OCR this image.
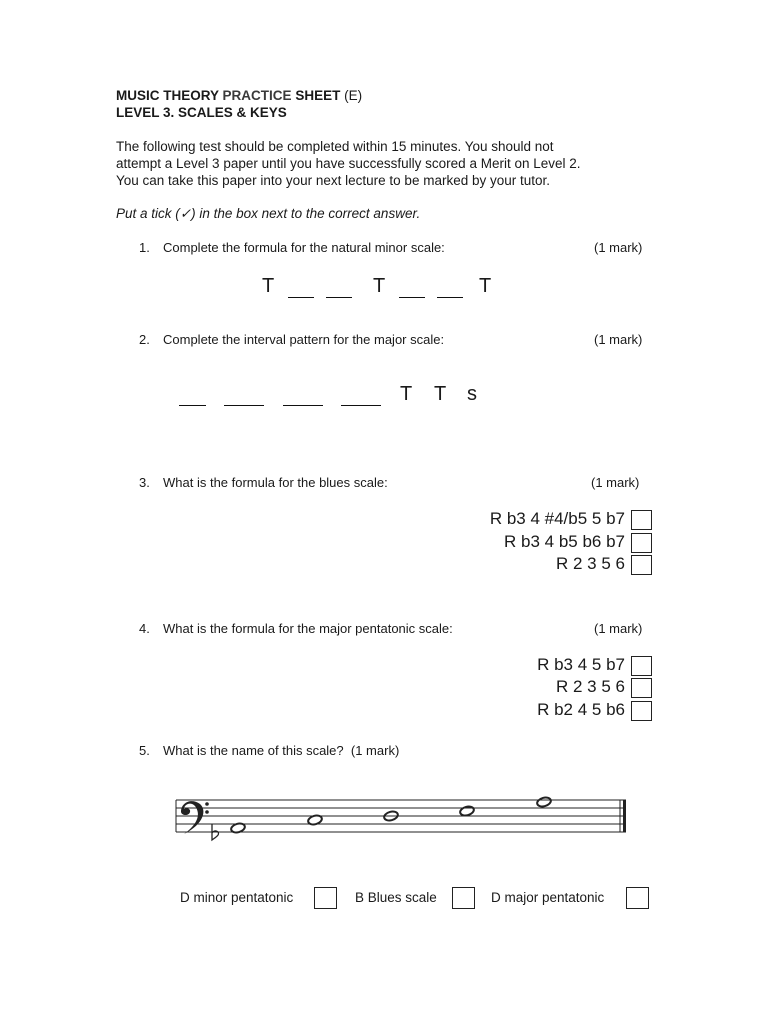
MUSIC THEORY PRACTICE SHEET (E)
LEVEL 3. SCALES & KEYS
The following test should be completed within 15 minutes. You should not
attempt a Level 3 paper until you have successfully scored a Merit on Level 2.
You can take this paper into your next lecture to be marked by your tutor.
Put a tick (✓) in the box next to the correct answer.
1. Complete the formula for the natural minor scale:	(1 mark)
T	T	T
2. Complete the interval pattern for the major scale:	(1 mark)
T T s
3. What is the formula for the blues scale:	(1 mark)
R b3 4 #4/b5 5 b7
R b3 4 b5 b6 b7
R 2 3 5 6
4. What is the formula for the major pentatonic scale:	(1 mark)
R b3 4 5 b7
R 2 3 5 6
R b2 4 5 b6
5. What is the name of this scale? (1 mark)
D minor pentatonic	B Blues scale	D major pentatonic
